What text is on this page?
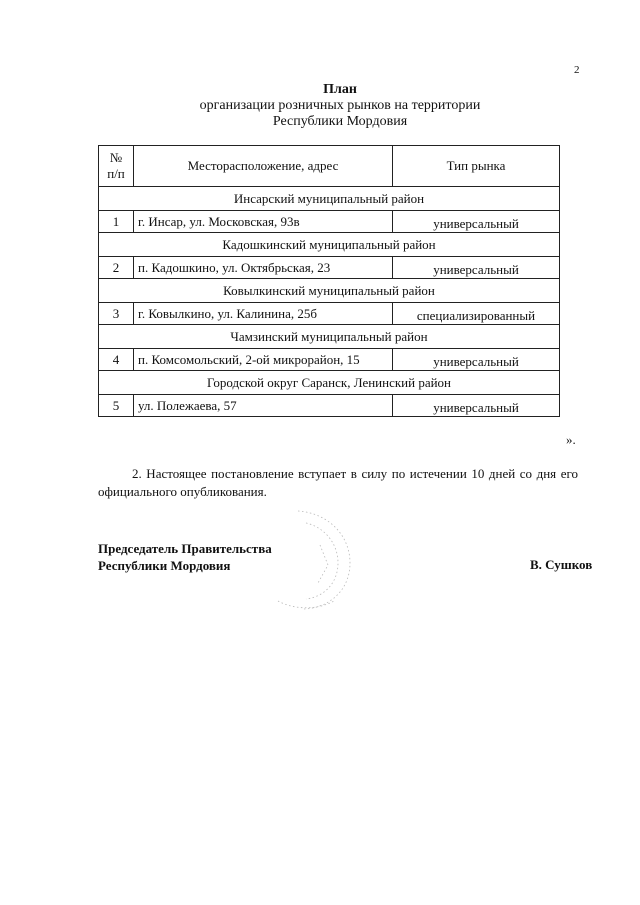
2
План
организации розничных рынков на территории
Республики Мордовия
№
п/п	Месторасположение, адрес	Тип рынка
Инсарский муниципальный район		
1	г. Инсар, ул. Московская, 93в	универсальный
Кадошкинский муниципальный район		
2	п. Кадошкино, ул. Октябрьская, 23	универсальный
Ковылкинский муниципальный район		
3	г. Ковылкино, ул. Калинина, 25б	специализированный
Чамзинский муниципальный район		
4	п. Комсомольский, 2-ой микрорайон, 15	универсальный
Городской округ Саранск, Ленинский район		
5	ул. Полежаева, 57	универсальный
».
2. Настоящее постановление вступает в силу по истечении 10 дней со дня его официального опубликования.
Председатель Правительства
Республики Мордовия	В. Сушков
